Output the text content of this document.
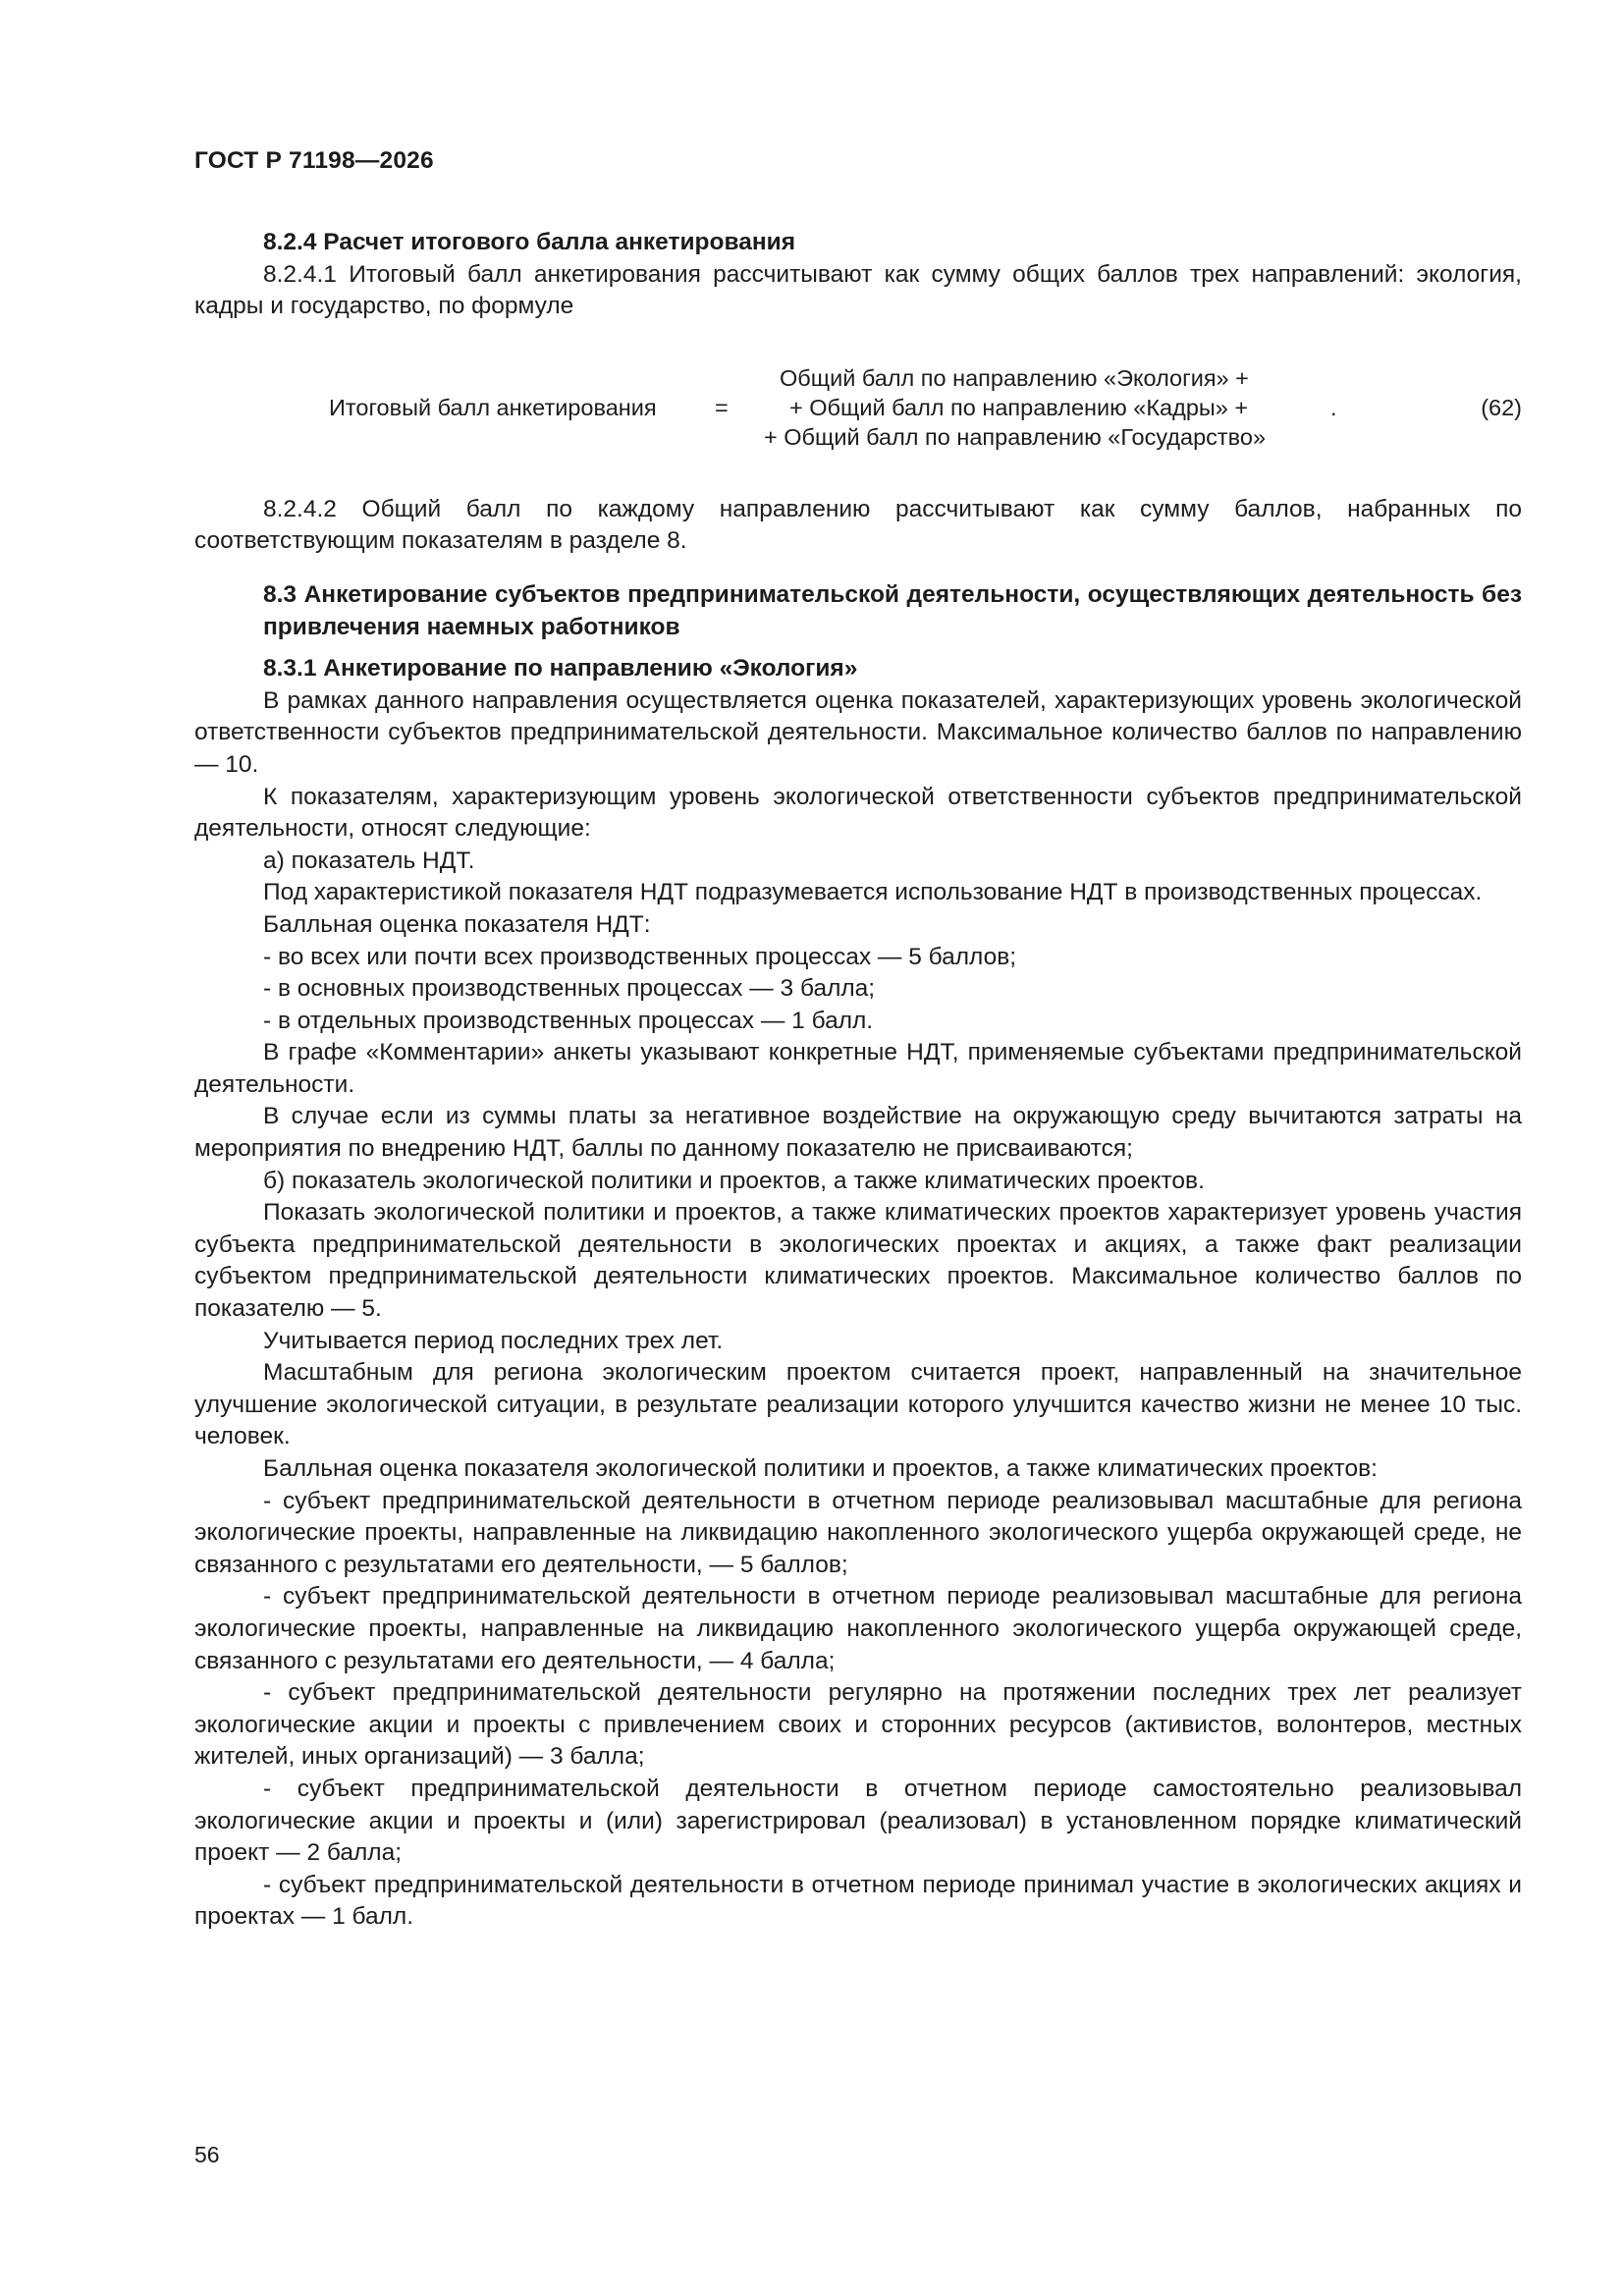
ГОСТ Р 71198—2026

8.2.4 Расчет итогового балла анкетирования

8.2.4.1 Итоговый балл анкетирования рассчитывают как сумму общих баллов трех направлений: экология, кадры и государство, по формуле

Итоговый балл анкетирования	=
Общий балл по направлению «Экология» +
+ Общий балл по направлению «Кадры» +
+ Общий балл по направлению «Государство»
.	(62)

8.2.4.2 Общий балл по каждому направлению рассчитывают как сумму баллов, набранных по соответствующим показателям в разделе 8.

8.3 Анкетирование субъектов предпринимательской деятельности, осуществляющих деятельность без привлечения наемных работников

8.3.1 Анкетирование по направлению «Экология»

В рамках данного направления осуществляется оценка показателей, характеризующих уровень экологической ответственности субъектов предпринимательской деятельности. Максимальное количество баллов по направлению — 10.

К показателям, характеризующим уровень экологической ответственности субъектов предпринимательской деятельности, относят следующие:

а) показатель НДТ.

Под характеристикой показателя НДТ подразумевается использование НДТ в производственных процессах.

Балльная оценка показателя НДТ:

- во всех или почти всех производственных процессах — 5 баллов;

- в основных производственных процессах — 3 балла;

- в отдельных производственных процессах — 1 балл.

В графе «Комментарии» анкеты указывают конкретные НДТ, применяемые субъектами предпринимательской деятельности.

В случае если из суммы платы за негативное воздействие на окружающую среду вычитаются затраты на мероприятия по внедрению НДТ, баллы по данному показателю не присваиваются;

б) показатель экологической политики и проектов, а также климатических проектов.

Показать экологической политики и проектов, а также климатических проектов характеризует уровень участия субъекта предпринимательской деятельности в экологических проектах и акциях, а также факт реализации субъектом предпринимательской деятельности климатических проектов. Максимальное количество баллов по показателю — 5.

Учитывается период последних трех лет.

Масштабным для региона экологическим проектом считается проект, направленный на значительное улучшение экологической ситуации, в результате реализации которого улучшится качество жизни не менее 10 тыс. человек.

Балльная оценка показателя экологической политики и проектов, а также климатических проектов:

- субъект предпринимательской деятельности в отчетном периоде реализовывал масштабные для региона экологические проекты, направленные на ликвидацию накопленного экологического ущерба окружающей среде, не связанного с результатами его деятельности, — 5 баллов;

- субъект предпринимательской деятельности в отчетном периоде реализовывал масштабные для региона экологические проекты, направленные на ликвидацию накопленного экологического ущерба окружающей среде, связанного с результатами его деятельности, — 4 балла;

- субъект предпринимательской деятельности регулярно на протяжении последних трех лет реализует экологические акции и проекты с привлечением своих и сторонних ресурсов (активистов, волонтеров, местных жителей, иных организаций) — 3 балла;

- субъект предпринимательской деятельности в отчетном периоде самостоятельно реализовывал экологические акции и проекты и (или) зарегистрировал (реализовал) в установленном порядке климатический проект — 2 балла;

- субъект предпринимательской деятельности в отчетном периоде принимал участие в экологических акциях и проектах — 1 балл.

56
